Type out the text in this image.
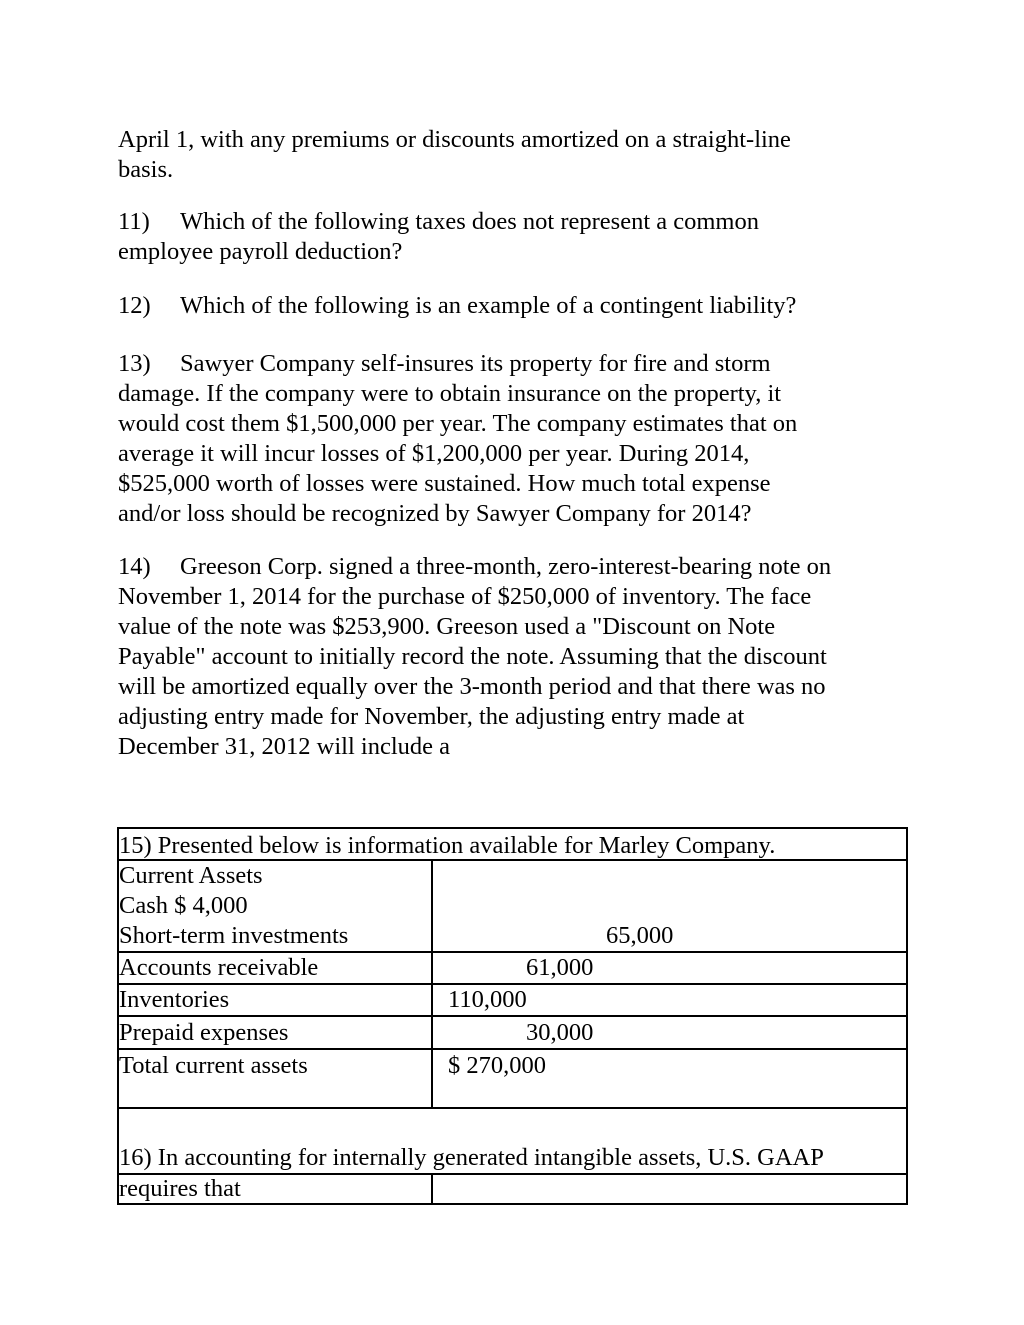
April 1, with any premiums or discounts amortized on a straight-line
basis.

11) Which of the following taxes does not represent a common
employee payroll deduction?

12) Which of the following is an example of a contingent liability?

13) Sawyer Company self-insures its property for fire and storm
damage. If the company were to obtain insurance on the property, it
would cost them $1,500,000 per year. The company estimates that on
average it will incur losses of $1,200,000 per year. During 2014,
$525,000 worth of losses were sustained. How much total expense
and/or loss should be recognized by Sawyer Company for 2014?

14) Greeson Corp. signed a three-month, zero-interest-bearing note on
November 1, 2014 for the purchase of $250,000 of inventory. The face
value of the note was $253,900. Greeson used a "Discount on Note
Payable" account to initially record the note. Assuming that the discount
will be amortized equally over the 3-month period and that there was no
adjusting entry made for November, the adjusting entry made at
December 31, 2012 will include a

15) Presented below is information available for Marley Company.
Current Assets
Cash $ 4,000
Short-term investments	65,000
Accounts receivable	61,000
Inventories	110,000
Prepaid expenses	30,000
Total current assets	$ 270,000
16) In accounting for internally generated intangible assets, U.S. GAAP
requires that
